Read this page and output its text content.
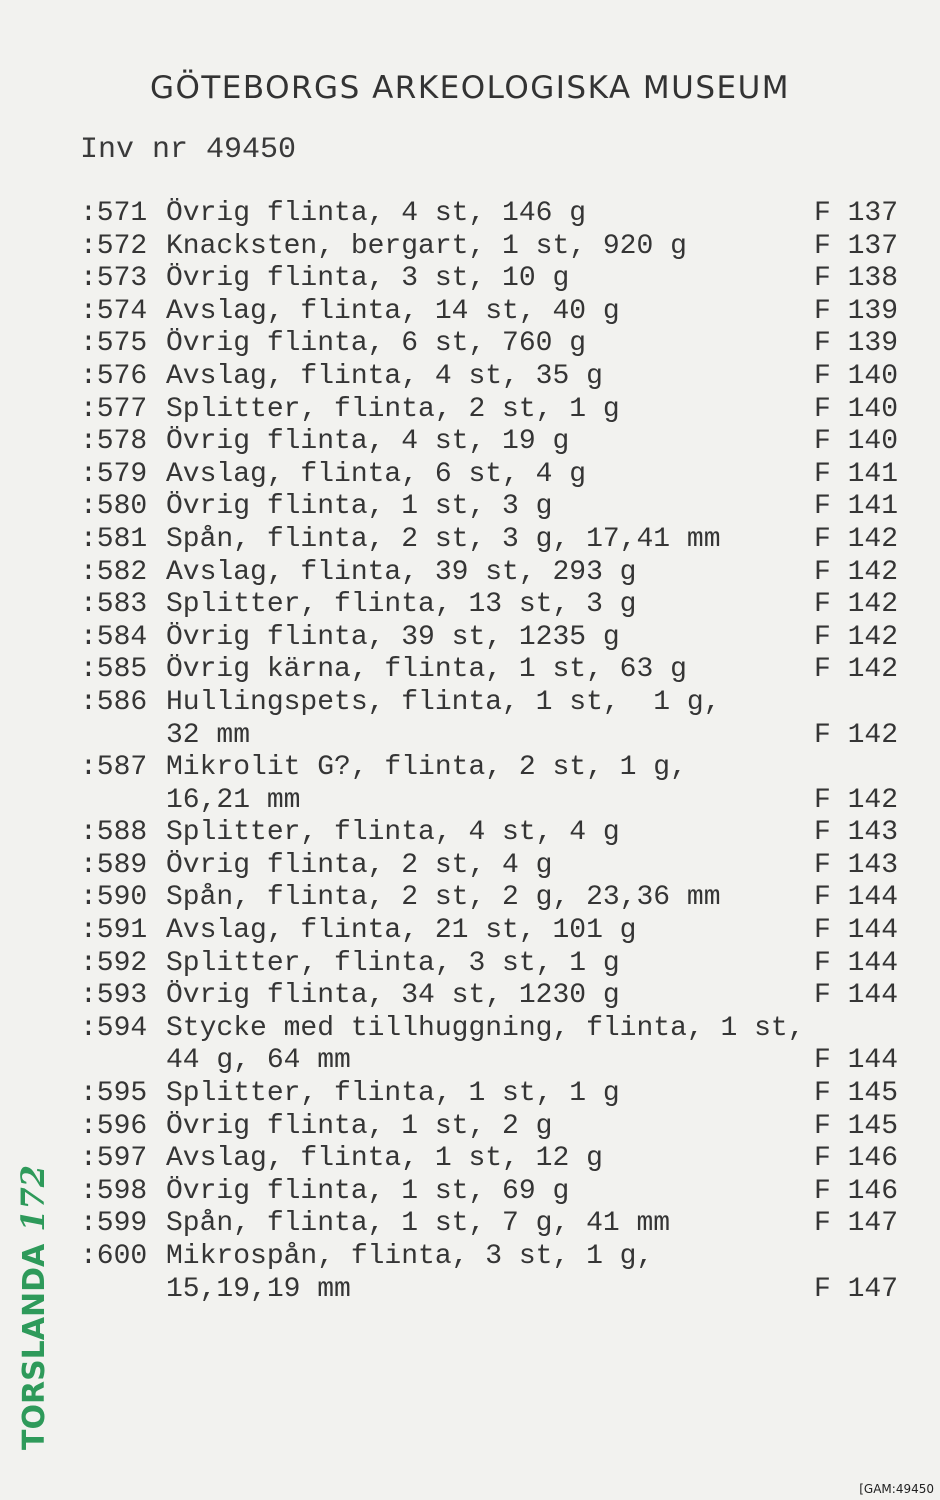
GÖTEBORGS ARKEOLOGISKA MUSEUM
Inv nr 49450
:571 Övrig flinta, 4 st, 146 g	F 137
:572 Knacksten, bergart, 1 st, 920 g	F 137
:573 Övrig flinta, 3 st, 10 g	F 138
:574 Avslag, flinta, 14 st, 40 g	F 139
:575 Övrig flinta, 6 st, 760 g	F 139
:576 Avslag, flinta, 4 st, 35 g	F 140
:577 Splitter, flinta, 2 st, 1 g	F 140
:578 Övrig flinta, 4 st, 19 g	F 140
:579 Avslag, flinta, 6 st, 4 g	F 141
:580 Övrig flinta, 1 st, 3 g	F 141
:581 Spån, flinta, 2 st, 3 g, 17,41 mm	F 142
:582 Avslag, flinta, 39 st, 293 g	F 142
:583 Splitter, flinta, 13 st, 3 g	F 142
:584 Övrig flinta, 39 st, 1235 g	F 142
:585 Övrig kärna, flinta, 1 st, 63 g	F 142
:586 Hullingspets, flinta, 1 st,  1 g,
32 mm	F 142
:587 Mikrolit G?, flinta, 2 st, 1 g,
16,21 mm	F 142
:588 Splitter, flinta, 4 st, 4 g	F 143
:589 Övrig flinta, 2 st, 4 g	F 143
:590 Spån, flinta, 2 st, 2 g, 23,36 mm	F 144
:591 Avslag, flinta, 21 st, 101 g	F 144
:592 Splitter, flinta, 3 st, 1 g	F 144
:593 Övrig flinta, 34 st, 1230 g	F 144
:594 Stycke med tillhuggning, flinta, 1 st,
44 g, 64 mm	F 144
:595 Splitter, flinta, 1 st, 1 g	F 145
:596 Övrig flinta, 1 st, 2 g	F 145
:597 Avslag, flinta, 1 st, 12 g	F 146
:598 Övrig flinta, 1 st, 69 g	F 146
:599 Spån, flinta, 1 st, 7 g, 41 mm	F 147
:600 Mikrospån, flinta, 3 st, 1 g,
15,19,19 mm	F 147
TORSLANDA172
[GAM:49450
